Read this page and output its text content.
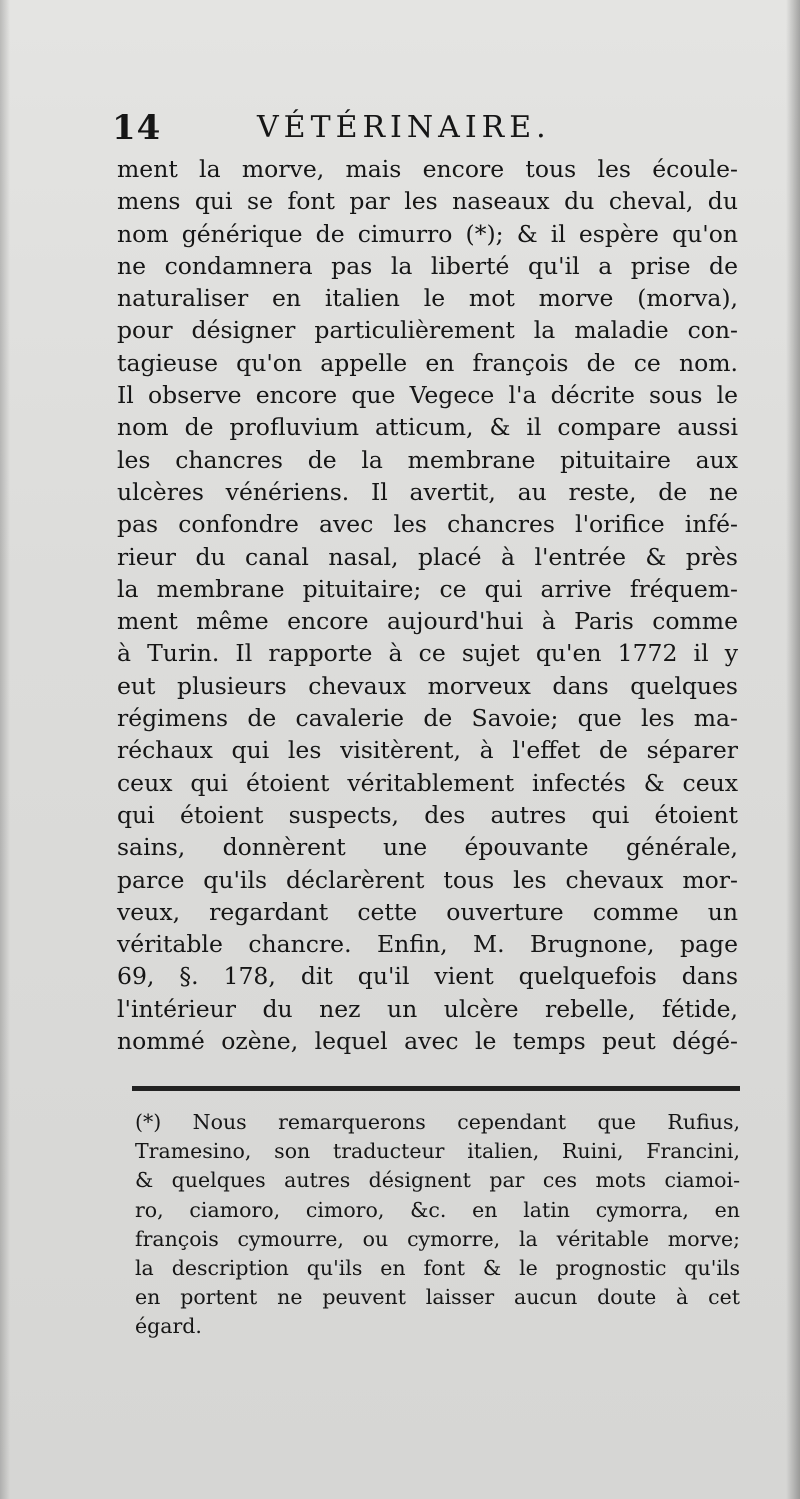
14	VÉTÉRINAIRE.
ment la morve, mais encore tous les écoule-
mens qui se font par les naseaux du cheval, du
nom générique de cimurro (*); & il espère qu'on
ne condamnera pas la liberté qu'il a prise de
naturaliser en italien le mot morve (morva),
pour désigner particulièrement la maladie con-
tagieuse qu'on appelle en françois de ce nom.
Il observe encore que Vegece l'a décrite sous le
nom de profluvium atticum, & il compare aussi
les chancres de la membrane pituitaire aux
ulcères vénériens. Il avertit, au reste, de ne
pas confondre avec les chancres l'orifice infé-
rieur du canal nasal, placé à l'entrée & près
la membrane pituitaire; ce qui arrive fréquem-
ment même encore aujourd'hui à Paris comme
à Turin. Il rapporte à ce sujet qu'en 1772 il y
eut plusieurs chevaux morveux dans quelques
régimens de cavalerie de Savoie; que les ma-
réchaux qui les visitèrent, à l'effet de séparer
ceux qui étoient véritablement infectés & ceux
qui étoient suspects, des autres qui étoient
sains, donnèrent une épouvante générale,
parce qu'ils déclarèrent tous les chevaux mor-
veux, regardant cette ouverture comme un
véritable chancre. Enfin, M. Brugnone, page
69, §. 178, dit qu'il vient quelquefois dans
l'intérieur du nez un ulcère rebelle, fétide,
nommé ozène, lequel avec le temps peut dégé-
(*) Nous remarquerons cependant que Rufius,
Tramesino, son traducteur italien, Ruini, Francini,
& quelques autres désignent par ces mots ciamoi-
ro, ciamoro, cimoro, &c. en latin cymorra, en
françois cymourre, ou cymorre, la véritable morve;
la description qu'ils en font & le prognostic qu'ils
en portent ne peuvent laisser aucun doute à cet
égard.
